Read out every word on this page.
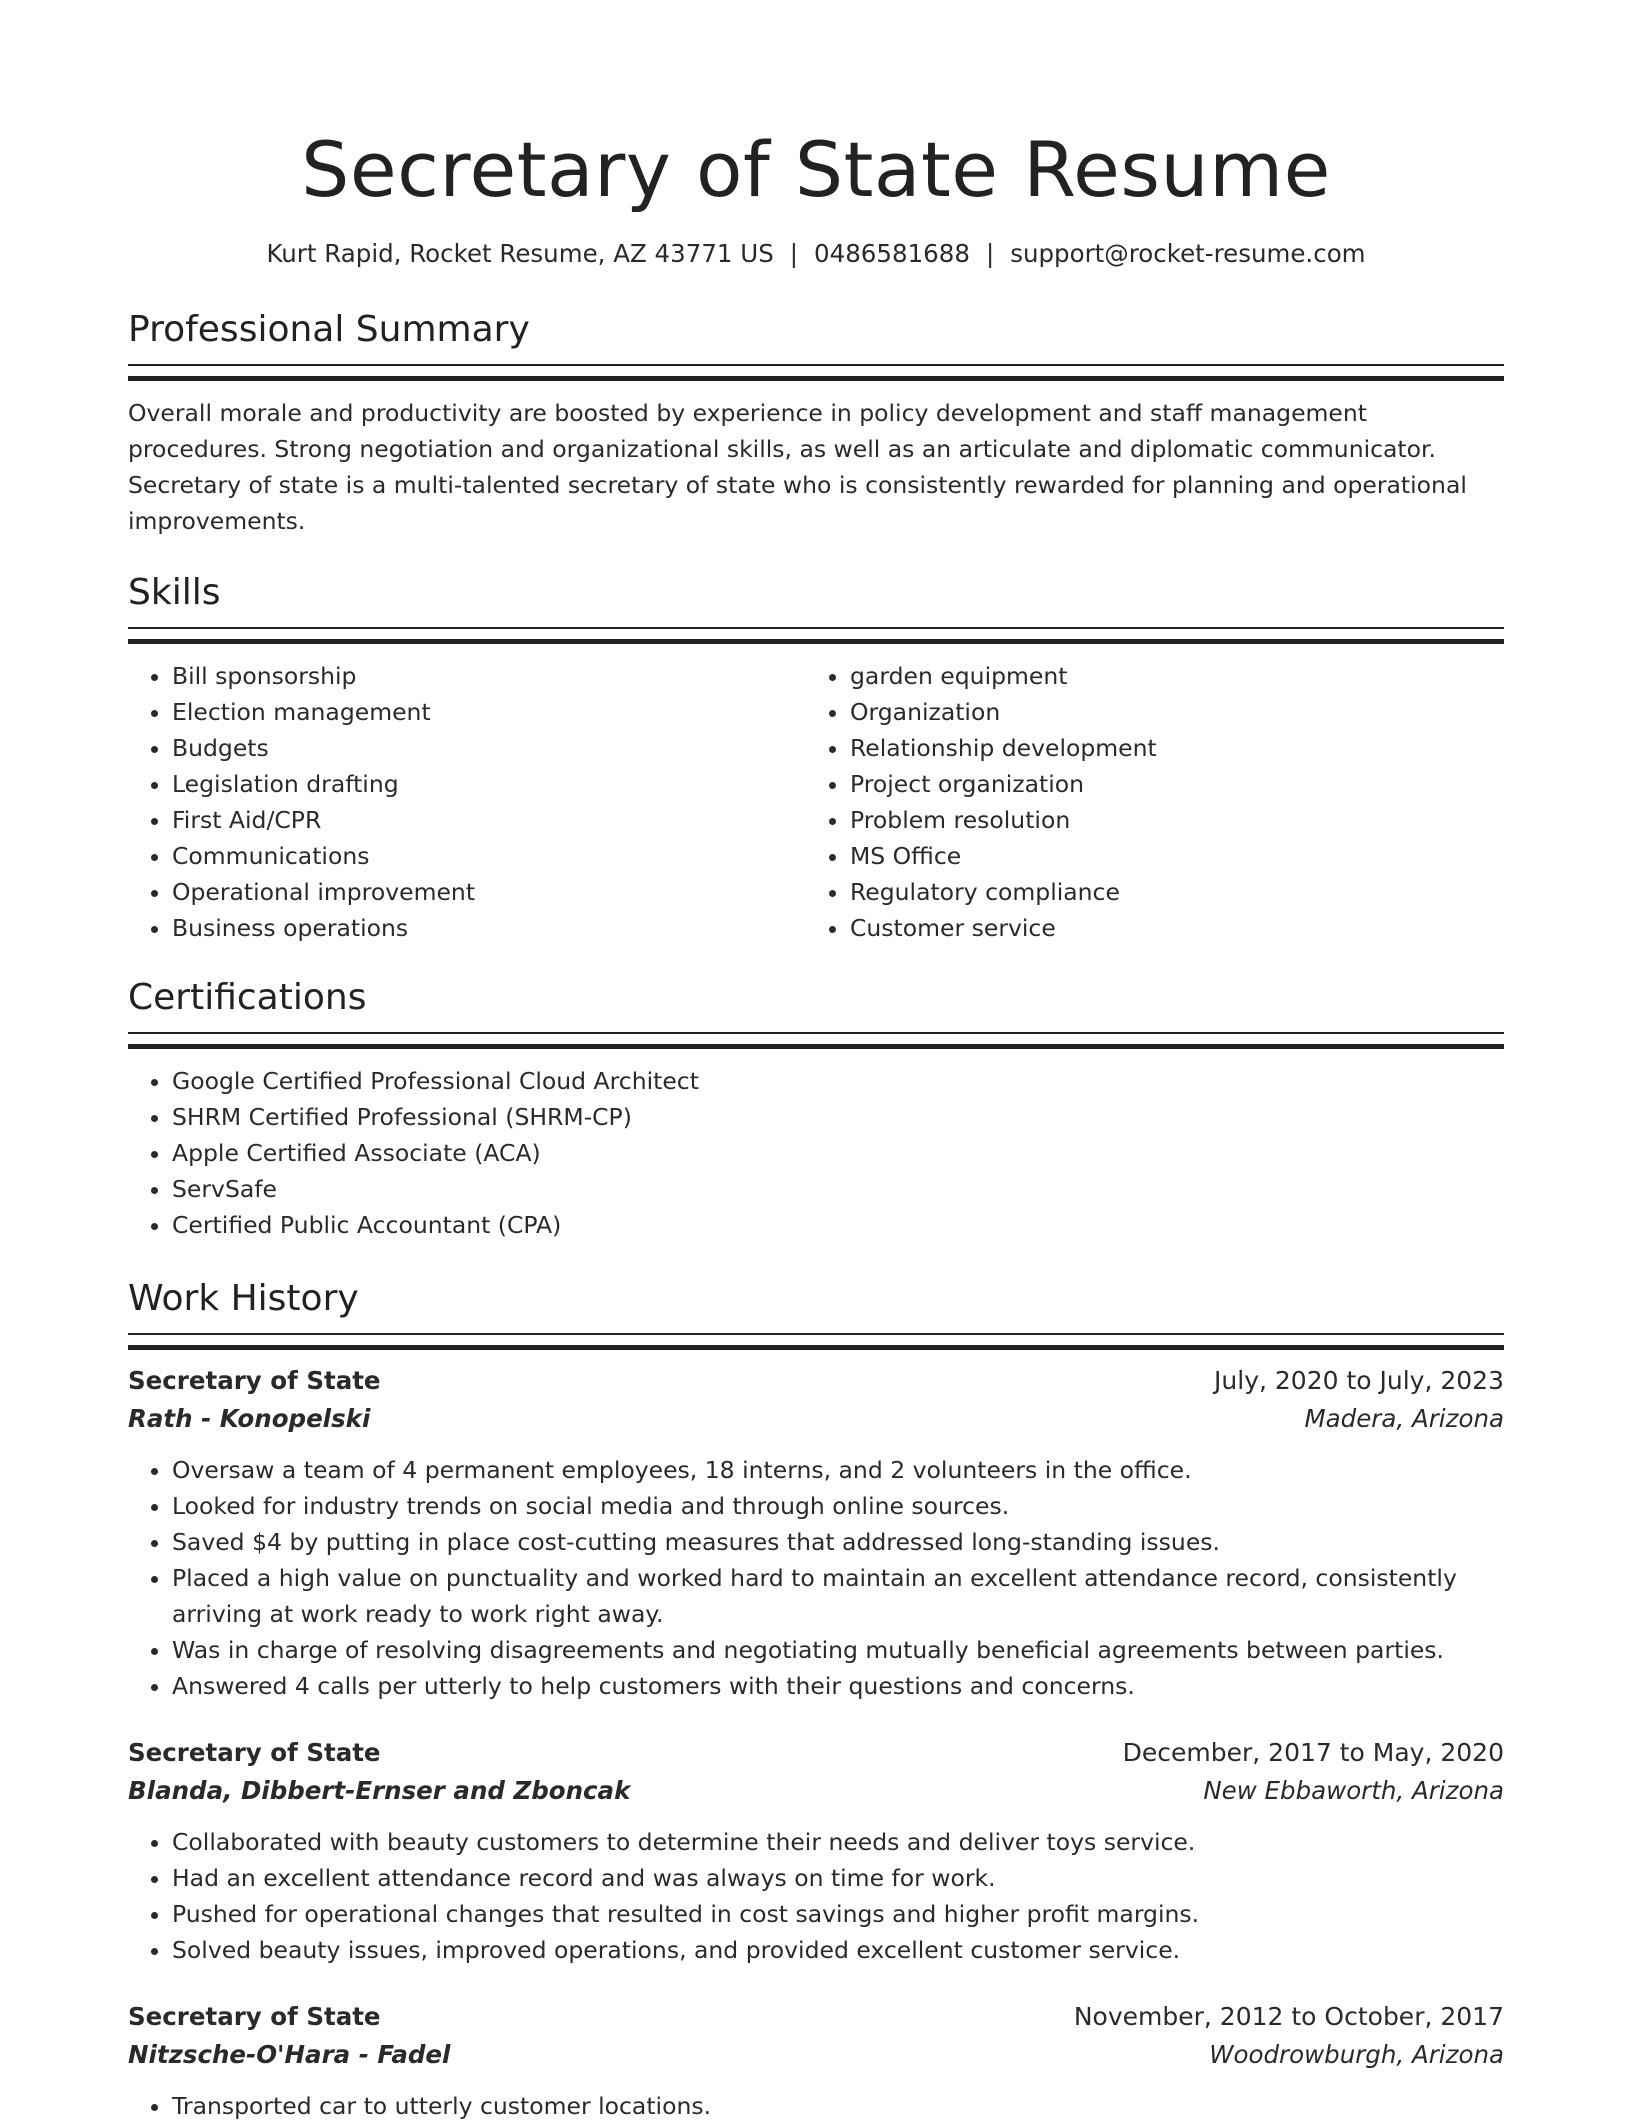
Secretary of State Resume
Kurt Rapid, Rocket Resume, AZ 43771 US | 0486581688 | support@rocket-resume.com
Professional Summary
Overall morale and productivity are boosted by experience in policy development and staff management procedures. Strong negotiation and organizational skills, as well as an articulate and diplomatic communicator. Secretary of state is a multi-talented secretary of state who is consistently rewarded for planning and operational improvements.
Skills
• Bill sponsorship
• Election management
• Budgets
• Legislation drafting
• First Aid/CPR
• Communications
• Operational improvement
• Business operations
• garden equipment
• Organization
• Relationship development
• Project organization
• Problem resolution
• MS Office
• Regulatory compliance
• Customer service
Certifications
• Google Certified Professional Cloud Architect
• SHRM Certified Professional (SHRM-CP)
• Apple Certified Associate (ACA)
• ServSafe
• Certified Public Accountant (CPA)
Work History
Secretary of State	July, 2020 to July, 2023
Rath - Konopelski	Madera, Arizona
• Oversaw a team of 4 permanent employees, 18 interns, and 2 volunteers in the office.
• Looked for industry trends on social media and through online sources.
• Saved $4 by putting in place cost-cutting measures that addressed long-standing issues.
• Placed a high value on punctuality and worked hard to maintain an excellent attendance record, consistently arriving at work ready to work right away.
• Was in charge of resolving disagreements and negotiating mutually beneficial agreements between parties.
• Answered 4 calls per utterly to help customers with their questions and concerns.
Secretary of State	December, 2017 to May, 2020
Blanda, Dibbert-Ernser and Zboncak	New Ebbaworth, Arizona
• Collaborated with beauty customers to determine their needs and deliver toys service.
• Had an excellent attendance record and was always on time for work.
• Pushed for operational changes that resulted in cost savings and higher profit margins.
• Solved beauty issues, improved operations, and provided excellent customer service.
Secretary of State	November, 2012 to October, 2017
Nitzsche-O'Hara - Fadel	Woodrowburgh, Arizona
• Transported car to utterly customer locations.
